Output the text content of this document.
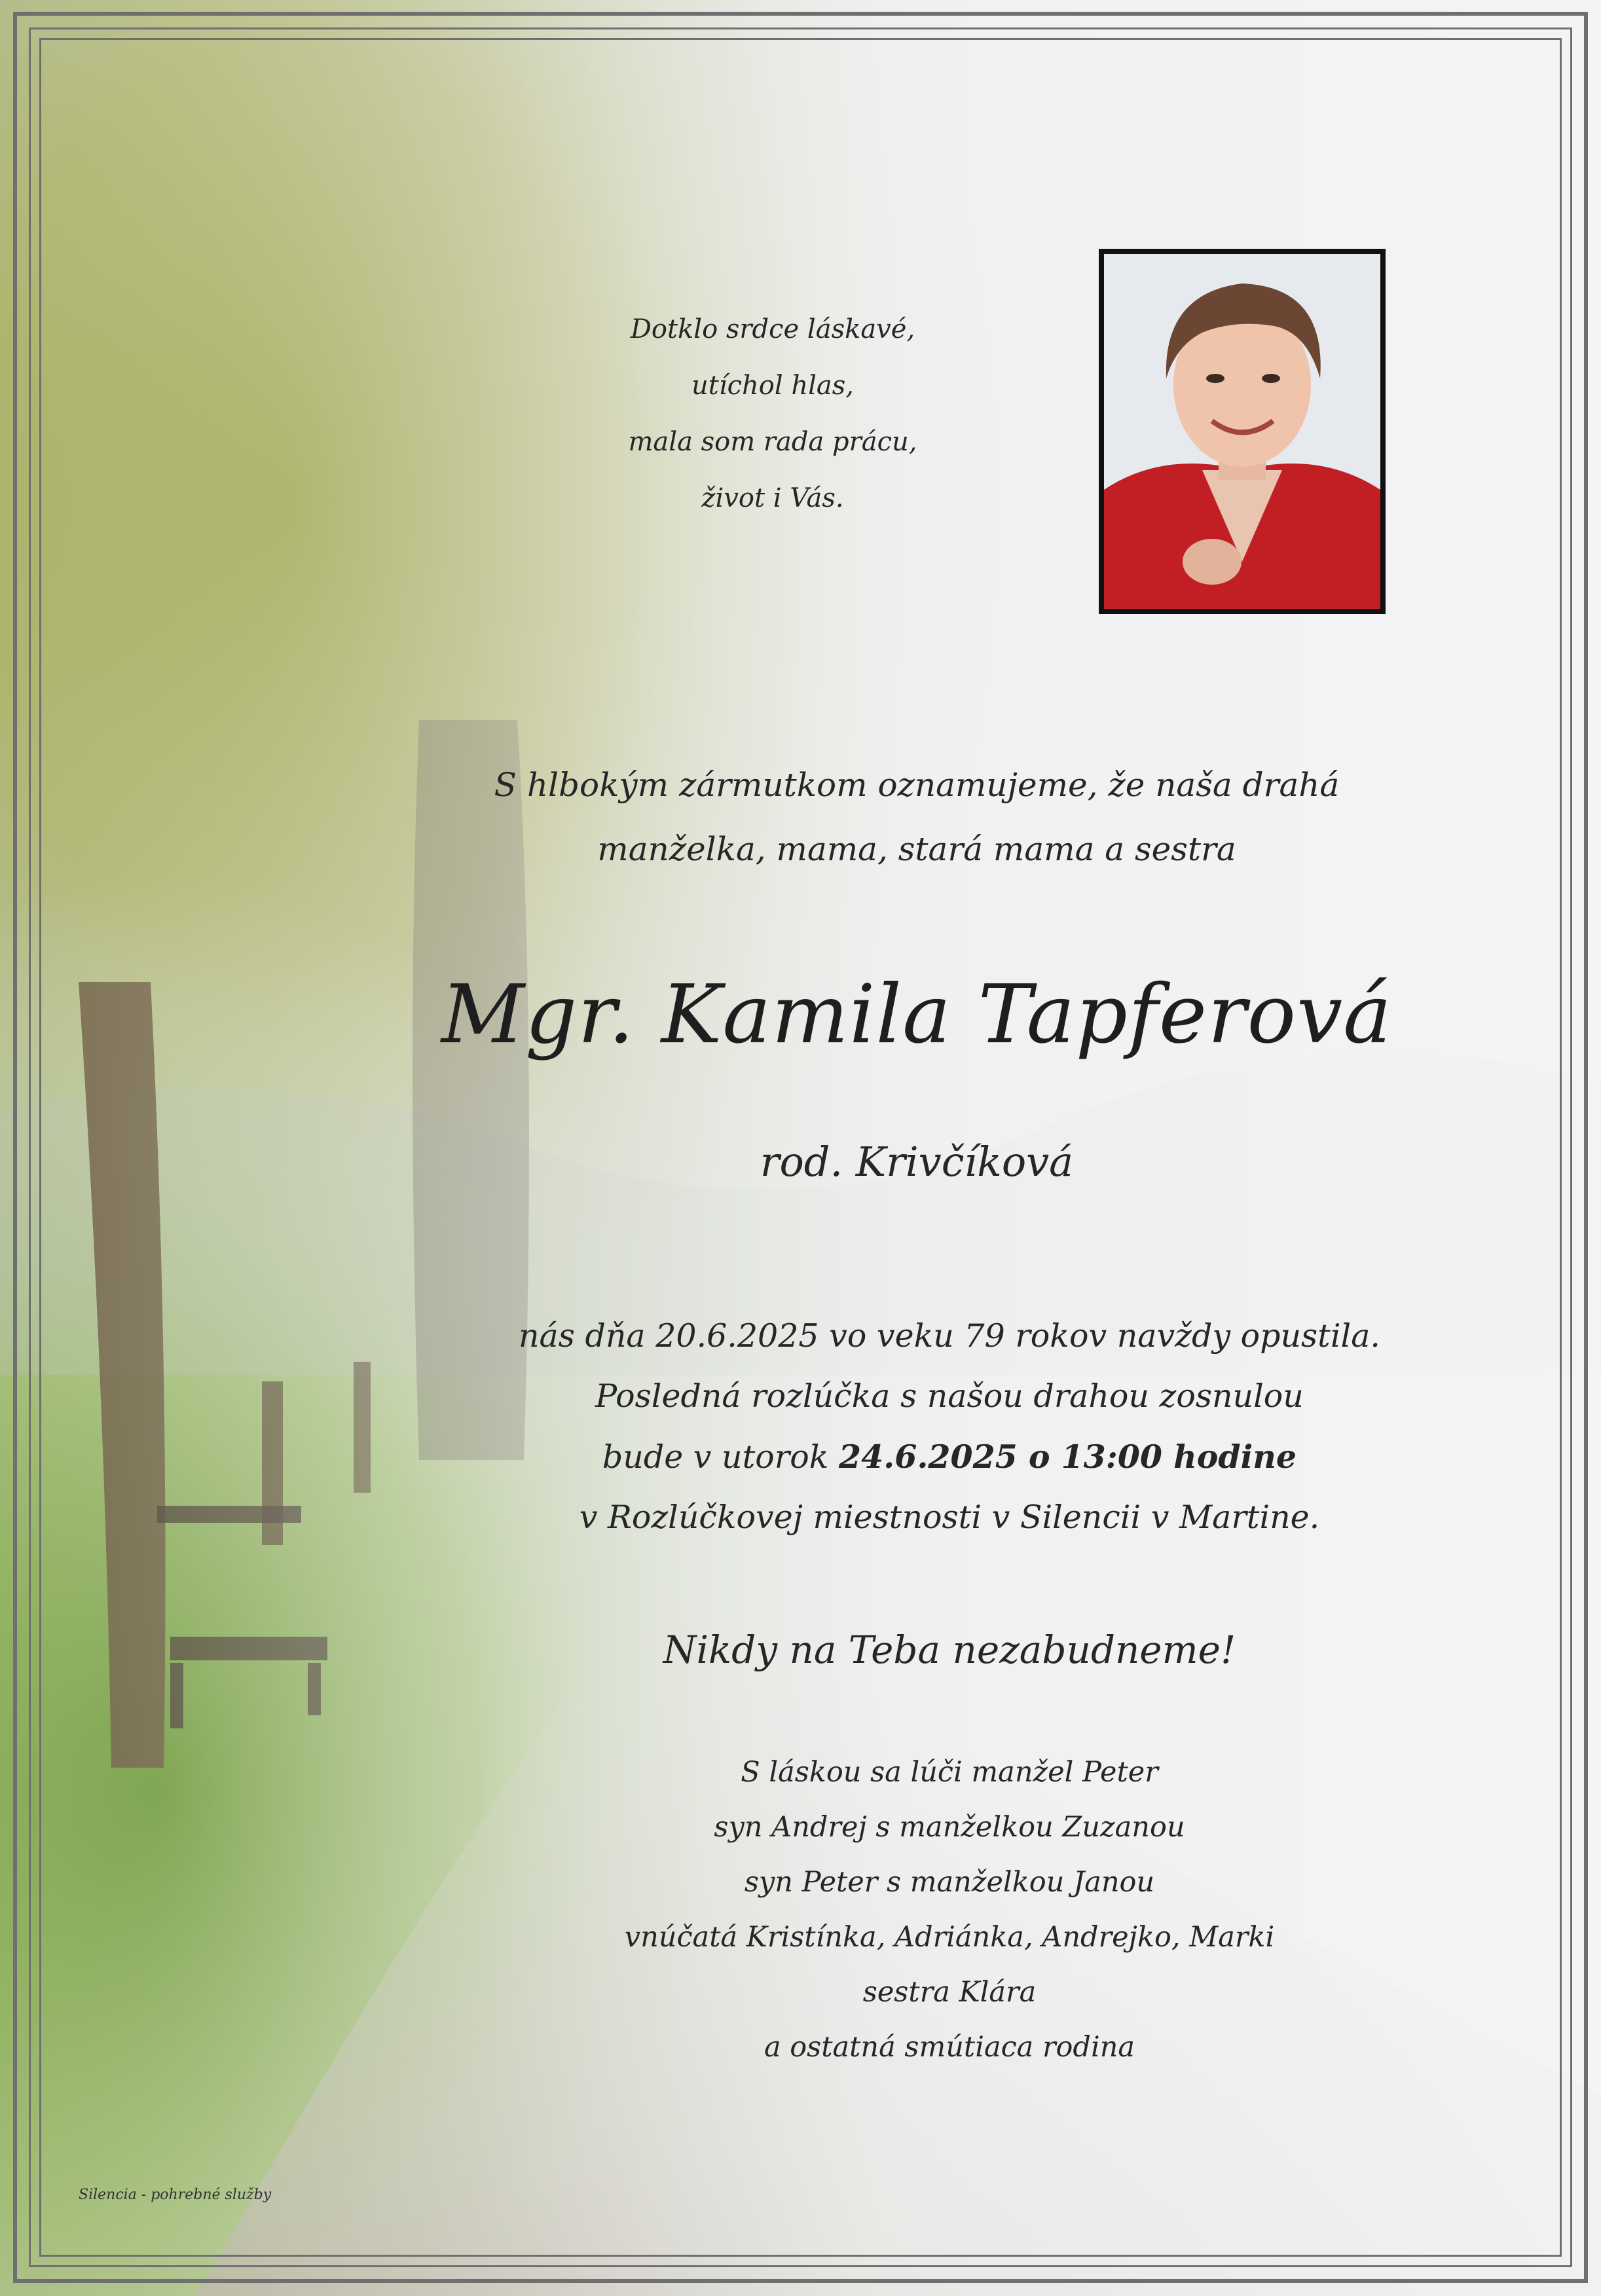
Dotklo srdce láskavé,
utíchol hlas,
mala som rada prácu,
život i Vás.
S hlbokým zármutkom oznamujeme, že naša drahá
manželka, mama, stará mama a sestra
Mgr. Kamila Tapferová
rod. Krivčíková
nás dňa 20.6.2025 vo veku 79 rokov navždy opustila.
Posledná rozlúčka s našou drahou zosnulou
bude v utorok 24.6.2025 o 13:00 hodine
v Rozlúčkovej miestnosti v Silencii v Martine.
Nikdy na Teba nezabudneme!
S láskou sa lúči manžel Peter
syn Andrej s manželkou Zuzanou
syn Peter s manželkou Janou
vnúčatá Kristínka, Adriánka, Andrejko, Marki
sestra Klára
a ostatná smútiaca rodina
Silencia - pohrebné služby
